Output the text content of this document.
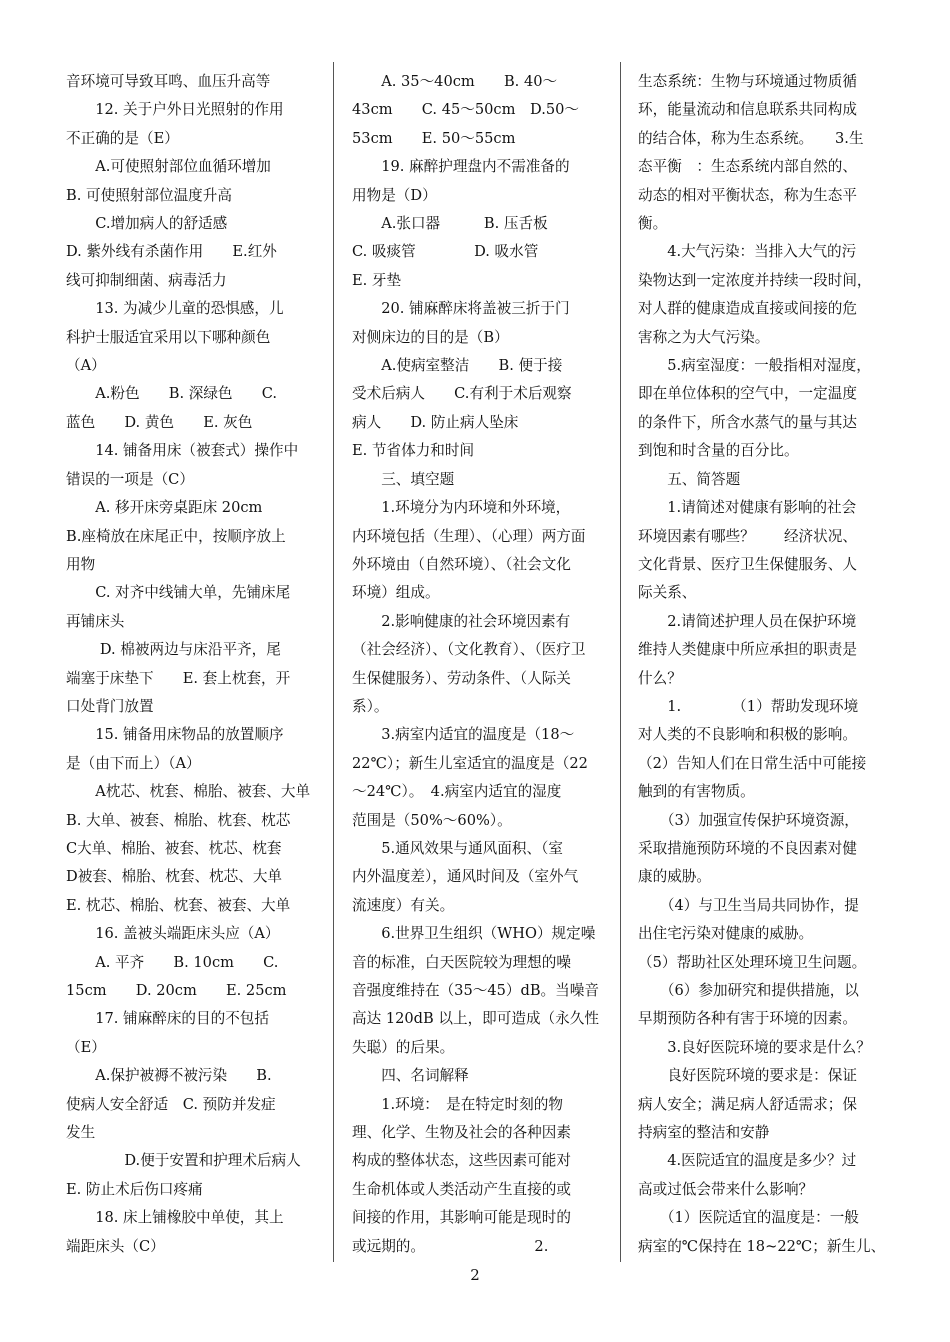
音环境可导致耳鸣、血压升高等

　　12. 关于户外日光照射的作用

不正确的是（E）

　　A.可使照射部位血循环增加

B. 可使照射部位温度升高

　　C.增加病人的舒适感

D. 紫外线有杀菌作用　　E.红外

线可抑制细菌、病毒活力

　　13. 为减少儿童的恐惧感，儿

科护士服适宜采用以下哪种颜色

（A）

　　A.粉色　　B. 深绿色　　C.

蓝色　　D. 黄色　　E. 灰色

　　14. 铺备用床（被套式）操作中

错误的一项是（C）

　　A. 移开床旁桌距床 20cm

B.座椅放在床尾正中，按顺序放上

用物

　　C. 对齐中线铺大单，先铺床尾

再铺床头

　　 D. 棉被两边与床沿平齐，尾

端塞于床垫下　　E. 套上枕套，开

口处背门放置

　　15. 铺备用床物品的放置顺序

是（由下而上）（A）

　　A枕芯、枕套、棉胎、被套、大单

B. 大单、被套、棉胎、枕套、枕芯

C大单、棉胎、被套、枕芯、枕套

D被套、棉胎、枕套、枕芯、大单

E. 枕芯、棉胎、枕套、被套、大单

　　16. 盖被头端距床头应（A）

　　A. 平齐　　B. 10cm　　C.

15cm　　D. 20cm　　E. 25cm

　　17. 铺麻醉床的目的不包括

（E）

　　A.保护被褥不被污染　　B.

使病人安全舒适　C. 预防并发症

发生

　　　　D.便于安置和护理术后病人

E. 防止术后伤口疼痛

　　18. 床上铺橡胶中单使，其上

端距床头（C）

　　A. 35～40cm　　B. 40～

43cm　　C. 45～50cm　D.50～

53cm　　E. 50～55cm

　　19. 麻醉护理盘内不需准备的

用物是（D）

　　A.张口器　　　B. 压舌板

C. 吸痰管　　　　D. 吸水管

E. 牙垫

　　20. 铺麻醉床将盖被三折于门

对侧床边的目的是（B）

　　A.使病室整洁　　B. 便于接

受术后病人　　C.有利于术后观察

病人　　D. 防止病人坠床

E. 节省体力和时间

　　三、填空题

　　1.环境分为内环境和外环境，

内环境包括（生理）、（心理）两方面

外环境由（自然环境）、（社会文化

环境）组成。

　　2.影响健康的社会环境因素有

（社会经济）、（文化教育）、（医疗卫

生保健服务）、劳动条件、（人际关

系）。

　　3.病室内适宜的温度是（18～

22℃）；新生儿室适宜的温度是（22

～24℃）。　4.病室内适宜的湿度

范围是（50%～60%）。

　　5.通风效果与通风面积、（室

内外温度差），通风时间及（室外气

流速度）有关。

　　6.世界卫生组织（WHO）规定噪

音的标准，白天医院较为理想的噪

音强度维持在（35～45）dB。当噪音

高达 120dB 以上，即可造成（永久性

失聪）的后果。

　　四、名词解释

　　1.环境：　是在特定时刻的物

理、化学、生物及社会的各种因素

构成的整体状态，这些因素可能对

生命机体或人类活动产生直接的或

间接的作用，其影响可能是现时的

或远期的。　　　　　　　　2.

生态系统：生物与环境通过物质循

环，能量流动和信息联系共同构成

的结合体，称为生态系统。　　3.生

态平衡　：生态系统内部自然的、

动态的相对平衡状态，称为生态平

衡。

　　4.大气污染：当排入大气的污

染物达到一定浓度并持续一段时间，

对人群的健康造成直接或间接的危

害称之为大气污染。

　　5.病室湿度：一般指相对湿度，

即在单位体积的空气中，一定温度

的条件下，所含水蒸气的量与其达

到饱和时含量的百分比。

　　五、简答题

　　1.请简述对健康有影响的社会

环境因素有哪些？　　经济状况、

文化背景、医疗卫生保健服务、人

际关系、

　　2.请简述护理人员在保护环境

维持人类健康中所应承担的职责是

什么？

　　1.　　　　（1）帮助发现环境

对人类的不良影响和积极的影响。

（2）告知人们在日常生活中可能接

触到的有害物质。

　　（3）加强宣传保护环境资源，

采取措施预防环境的不良因素对健

康的威胁。

　　（4）与卫生当局共同协作，提

出住宅污染对健康的威胁。

（5）帮助社区处理环境卫生问题。

　　（6）参加研究和提供措施，以

早期预防各种有害于环境的因素。

　　3.良好医院环境的要求是什么？

　　良好医院环境的要求是：保证

病人安全；满足病人舒适需求；保

持病室的整洁和安静

　　4.医院适宜的温度是多少？过

高或过低会带来什么影响？

　　（1）医院适宜的温度是：一般

病室的℃保持在 18~22℃；新生儿、

2
